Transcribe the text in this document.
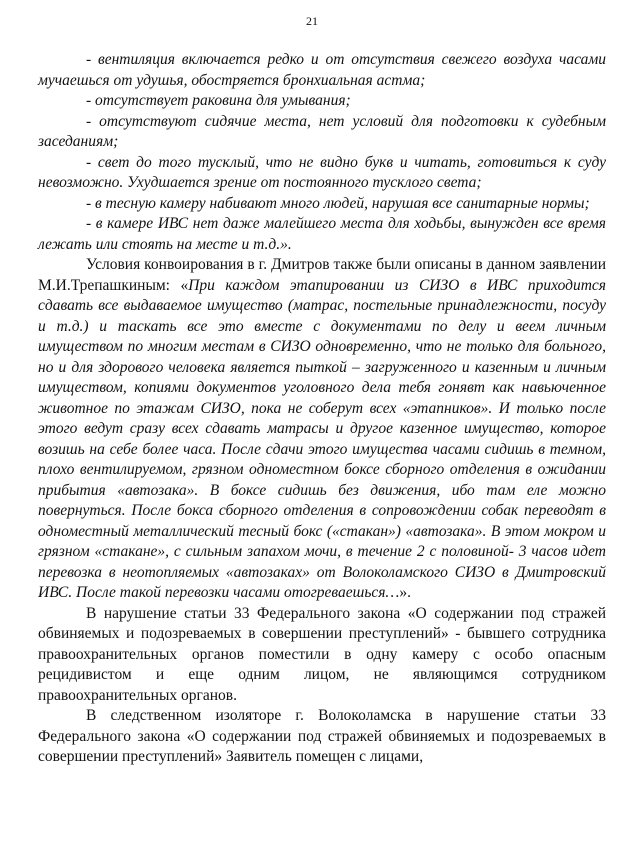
21

- вентиляция включается редко и от отсутствия свежего воздуха часами мучаешься от удушья, обостряется бронхиальная астма;

- отсутствует раковина для умывания;

- отсутствуют сидячие места, нет условий для подготовки к судебным заседаниям;

- свет до того тусклый, что не видно букв и читать, готовиться к суду невозможно. Ухудшается зрение от постоянного тусклого света;

- в тесную камеру набивают много людей, нарушая все санитарные нормы;

- в камере ИВС нет даже малейшего места для ходьбы, вынужден все время лежать или стоять на месте и т.д.».

Условия конвоирования в г. Дмитров также были описаны в данном заявлении М.И.Трепашкиным: «При каждом этапировании из СИЗО в ИВС приходится сдавать все выдаваемое имущество (матрас, постельные принадлежности, посуду и т.д.) и таскать все это вместе с документами по делу и веем личным имуществом по многим местам в СИЗО одновременно, что не только для больного, но и для здорового человека является пыткой – загруженного и казенным и личным имуществом, копиями документов уголовного дела тебя гонявт как навьюченное животное по этажам СИЗО, пока не соберут всех «этапников». И только после этого ведут сразу всех сдавать матрасы и другое казенное имущество, которое возишь на себе более часа. После сдачи этого имущества часами сидишь в темном, плохо вентилируемом, грязном одноместном боксе сборного отделения в ожидании прибытия «автозака». В боксе сидишь без движения, ибо там еле можно повернуться. После бокса сборного отделения в сопровождении собак переводят в одноместный металлический тесный бокс («стакан») «автозака». В этом мокром и грязном «стакане», с сильным запахом мочи, в течение 2 с половиной- 3 часов идет перевозка в неотопляемых «автозаках» от Волоколамского СИЗО в Дмитровский ИВС. После такой перевозки часами отогреваешься…».

В нарушение статьи 33 Федерального закона «О содержании под стражей обвиняемых и подозреваемых в совершении преступлений» - бывшего сотрудника правоохранительных органов поместили в одну камеру с особо опасным рецидивистом и еще одним лицом, не являющимся сотрудником правоохранительных органов.

В следственном изоляторе г. Волоколамска в нарушение статьи 33 Федерального закона «О содержании под стражей обвиняемых и подозреваемых в совершении преступлений» Заявитель помещен с лицами,
